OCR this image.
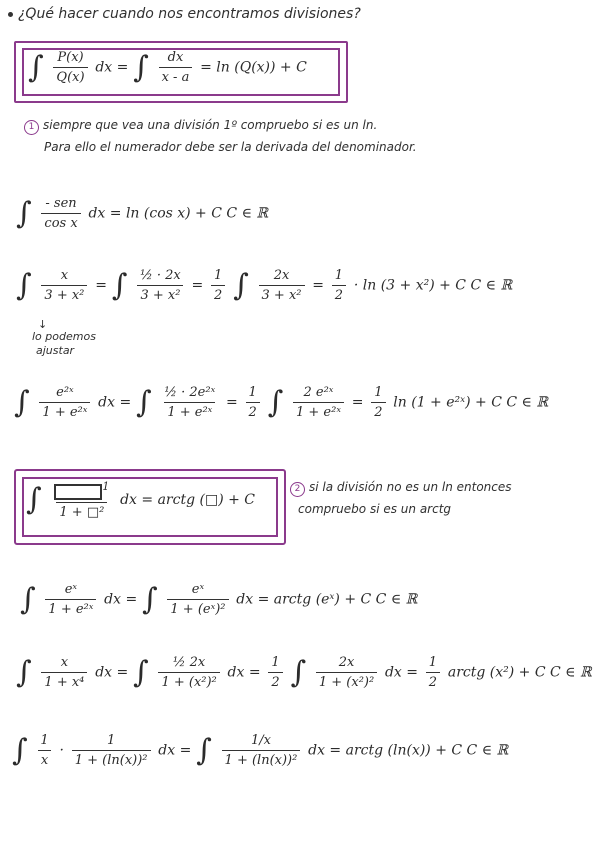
¿Qué hacer cuando nos encontramos divisiones?
∫ $\frac{P(x)}{Q(x)}$ dx = ∫ $\frac{dx}{x - a} = \ln (Q(x)) + C$
1 siempre que vea una división 1º compruebo si es un ln.
Para ello el numerador debe ser la derivada del denominador.
∫ $\frac{\text{- sen}}{\text{cos x}}$ dx = ln (cos x) + C C ∈ ℝ
∫ $\frac{x}{\text{3 + x²}}$ = ∫ $\frac{\text{½ · 2x}}{\text{3 + x²}} = \frac{1}{2}$ ∫ $\frac{2x}{\text{3 + x²}} = \frac{1}{2} \cdot \ln (3 + x^2) + C$ C ∈ ℝ
↓
lo podemos
ajustar
∫ $\frac{\text{e²ˣ}}{\text{1 + e²ˣ}}$ dx = ∫ $\frac{\text{½ · 2e²ˣ}}{\text{1 + e²ˣ}} = \frac{1}{2}$ ∫ $\frac{\text{2 e²ˣ}}{\text{1 + e²ˣ}} = \frac{1}{2}$ ln (1 + e²ˣ) + C C ∈ ℝ
∫ $\frac{^1}{\text{1 + □²}}$ dx = arctg (□) + C
2 si la división no es un ln entonces
compruebo si es un arctg
∫ $\frac{\text{eˣ}}{\text{1 + e²ˣ}}$ dx = ∫ $\frac{\text{eˣ}}{\text{1 + (eˣ)²}}$ dx = arctg (eˣ) + C C ∈ ℝ
∫ $\frac{x}{\text{1 + x⁴}}$ dx = ∫ $\frac{\text{½ 2x}}{\text{1 + (x²)²}}$ dx = $\frac{1}{2}$ ∫ $\frac{2x}{\text{1 + (x²)²}}$ dx = $\frac{1}{2}$ arctg (x²) + C C ∈ ℝ
∫ $\frac{1}{x} \cdot \frac{1}{\text{1 + (ln(x))²}}$ dx = ∫ $\frac{1/x}{\text{1 + (ln(x))²}}$ dx = arctg (ln(x)) + C C ∈ ℝ
